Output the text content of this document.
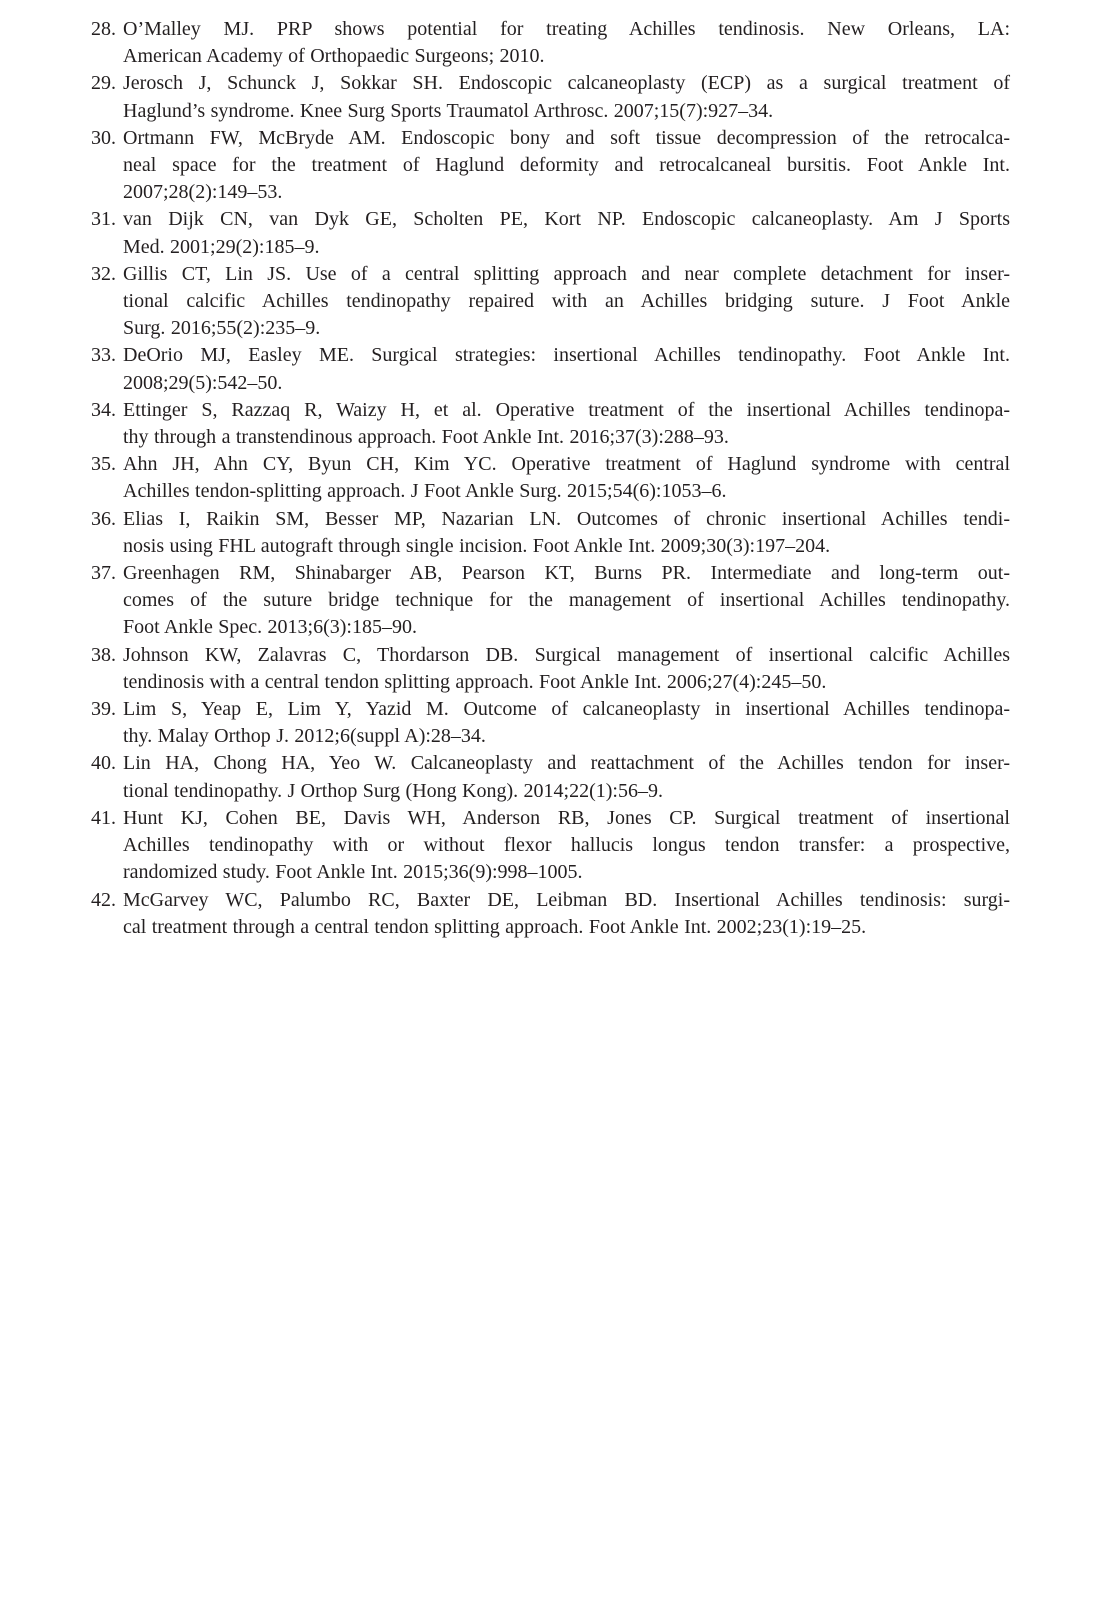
28. O’Malley MJ. PRP shows potential for treating Achilles tendinosis. New Orleans, LA:
American Academy of Orthopaedic Surgeons; 2010.
29. Jerosch J, Schunck J, Sokkar SH. Endoscopic calcaneoplasty (ECP) as a surgical treatment of
Haglund’s syndrome. Knee Surg Sports Traumatol Arthrosc. 2007;15(7):927–34.
30. Ortmann FW, McBryde AM. Endoscopic bony and soft tissue decompression of the retrocalca-
neal space for the treatment of Haglund deformity and retrocalcaneal bursitis. Foot Ankle Int.
2007;28(2):149–53.
31. van Dijk CN, van Dyk GE, Scholten PE, Kort NP. Endoscopic calcaneoplasty. Am J Sports
Med. 2001;29(2):185–9.
32. Gillis CT, Lin JS. Use of a central splitting approach and near complete detachment for inser-
tional calcific Achilles tendinopathy repaired with an Achilles bridging suture. J Foot Ankle
Surg. 2016;55(2):235–9.
33. DeOrio MJ, Easley ME. Surgical strategies: insertional Achilles tendinopathy. Foot Ankle Int.
2008;29(5):542–50.
34. Ettinger S, Razzaq R, Waizy H, et al. Operative treatment of the insertional Achilles tendinopa-
thy through a transtendinous approach. Foot Ankle Int. 2016;37(3):288–93.
35. Ahn JH, Ahn CY, Byun CH, Kim YC. Operative treatment of Haglund syndrome with central
Achilles tendon-splitting approach. J Foot Ankle Surg. 2015;54(6):1053–6.
36. Elias I, Raikin SM, Besser MP, Nazarian LN. Outcomes of chronic insertional Achilles tendi-
nosis using FHL autograft through single incision. Foot Ankle Int. 2009;30(3):197–204.
37. Greenhagen RM, Shinabarger AB, Pearson KT, Burns PR. Intermediate and long-term out-
comes of the suture bridge technique for the management of insertional Achilles tendinopathy.
Foot Ankle Spec. 2013;6(3):185–90.
38. Johnson KW, Zalavras C, Thordarson DB. Surgical management of insertional calcific Achilles
tendinosis with a central tendon splitting approach. Foot Ankle Int. 2006;27(4):245–50.
39. Lim S, Yeap E, Lim Y, Yazid M. Outcome of calcaneoplasty in insertional Achilles tendinopa-
thy. Malay Orthop J. 2012;6(suppl A):28–34.
40. Lin HA, Chong HA, Yeo W. Calcaneoplasty and reattachment of the Achilles tendon for inser-
tional tendinopathy. J Orthop Surg (Hong Kong). 2014;22(1):56–9.
41. Hunt KJ, Cohen BE, Davis WH, Anderson RB, Jones CP. Surgical treatment of insertional
Achilles tendinopathy with or without flexor hallucis longus tendon transfer: a prospective,
randomized study. Foot Ankle Int. 2015;36(9):998–1005.
42. McGarvey WC, Palumbo RC, Baxter DE, Leibman BD. Insertional Achilles tendinosis: surgi-
cal treatment through a central tendon splitting approach. Foot Ankle Int. 2002;23(1):19–25.
